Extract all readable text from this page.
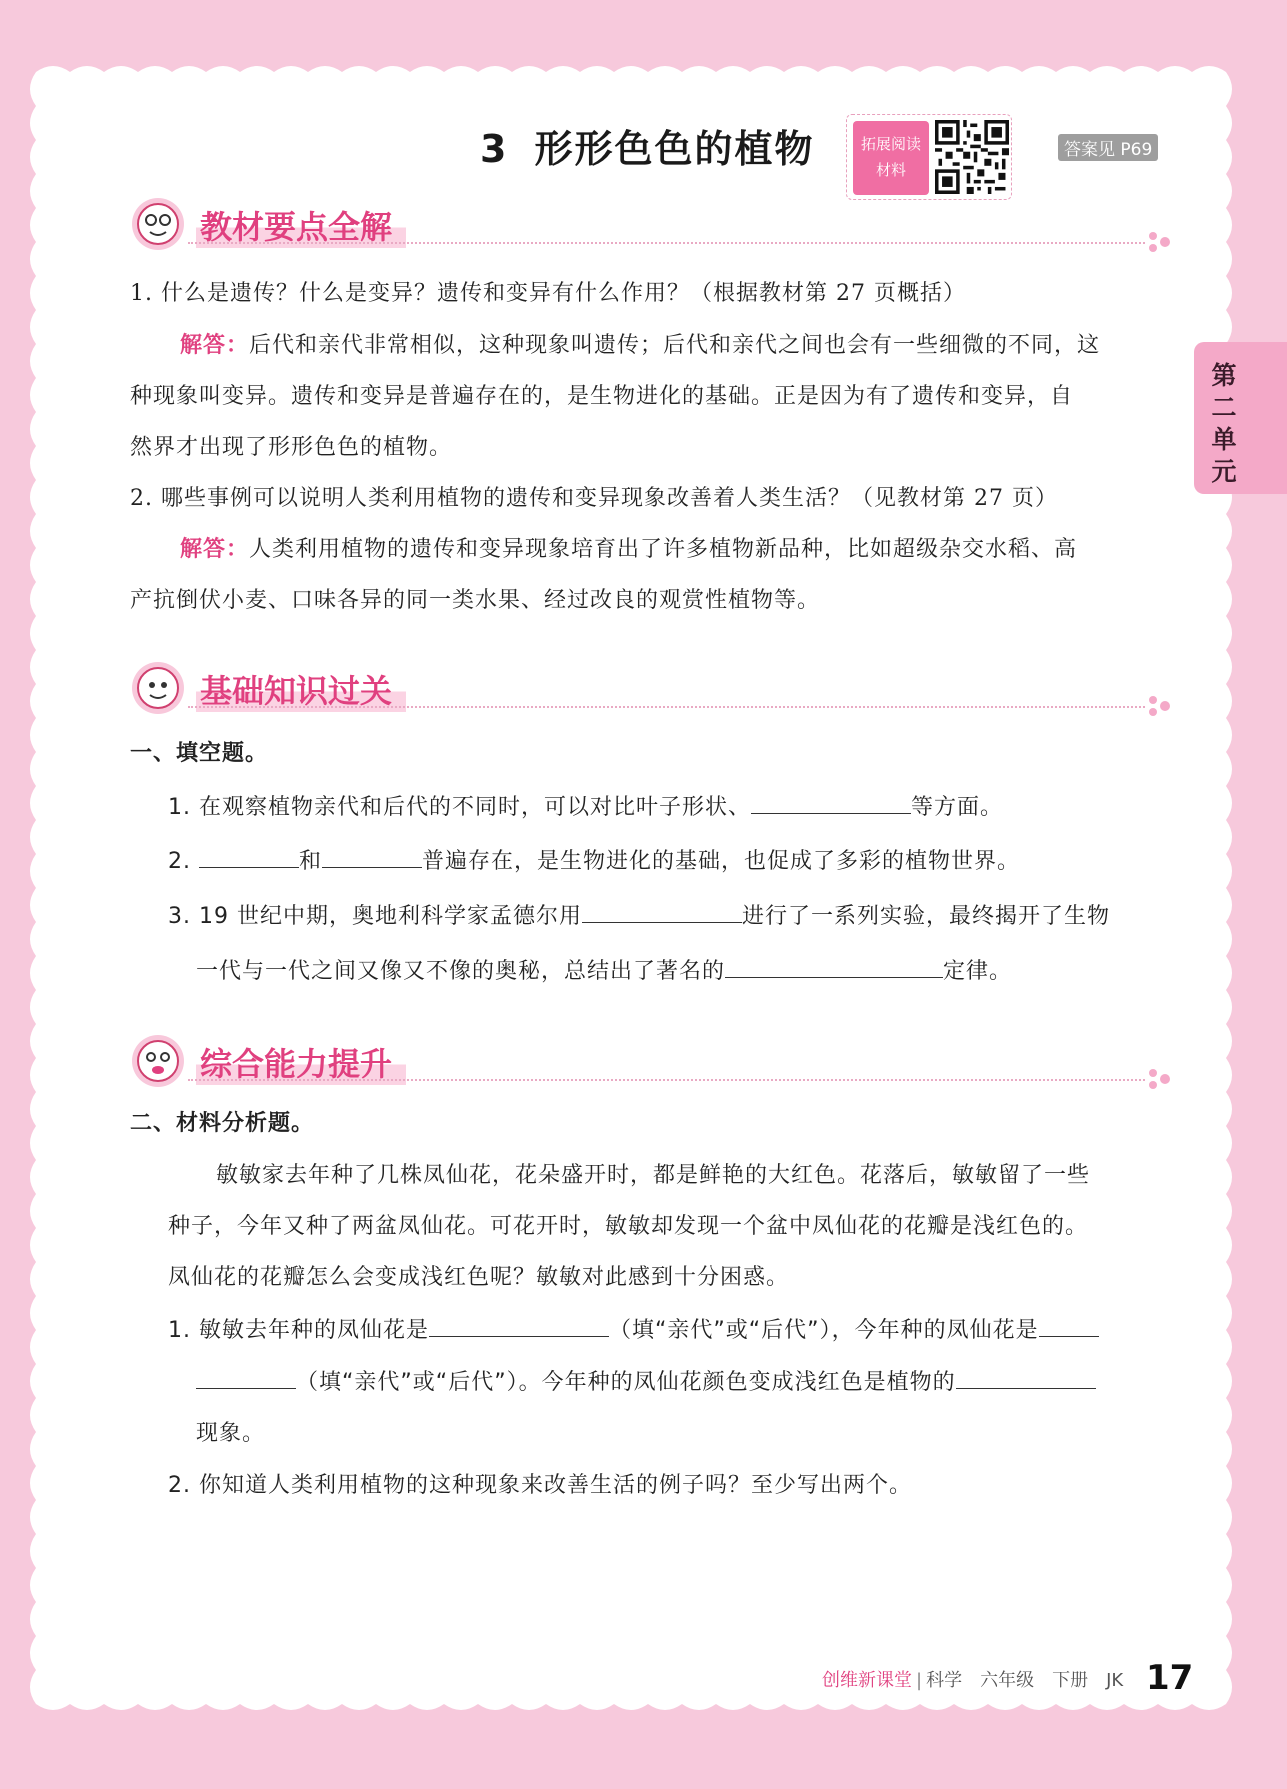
第
二
单
元
3 形形色色的植物	拓展阅读
材料
答案见 P69
教材要点全解
1. 什么是遗传？什么是变异？遗传和变异有什么作用？（根据教材第 27 页概括）
解答：后代和亲代非常相似，这种现象叫遗传；后代和亲代之间也会有一些细微的不同，这
种现象叫变异。遗传和变异是普遍存在的，是生物进化的基础。正是因为有了遗传和变异，自
然界才出现了形形色色的植物。
2. 哪些事例可以说明人类利用植物的遗传和变异现象改善着人类生活？（见教材第 27 页）
解答：人类利用植物的遗传和变异现象培育出了许多植物新品种，比如超级杂交水稻、高
产抗倒伏小麦、口味各异的同一类水果、经过改良的观赏性植物等。
基础知识过关
一、填空题。
1. 在观察植物亲代和后代的不同时，可以对比叶子形状、	等方面。
2.	和	普遍存在，是生物进化的基础，也促成了多彩的植物世界。
3. 19 世纪中期，奥地利科学家孟德尔用	进行了一系列实验，最终揭开了生物
一代与一代之间又像又不像的奥秘，总结出了著名的	定律。
综合能力提升
二、材料分析题。
敏敏家去年种了几株凤仙花，花朵盛开时，都是鲜艳的大红色。花落后，敏敏留了一些
种子，今年又种了两盆凤仙花。可花开时，敏敏却发现一个盆中凤仙花的花瓣是浅红色的。
凤仙花的花瓣怎么会变成浅红色呢？敏敏对此感到十分困惑。
1. 敏敏去年种的凤仙花是	（填“亲代”或“后代”），今年种的凤仙花是
（填“亲代”或“后代”）。今年种的凤仙花颜色变成浅红色是植物的
现象。
2. 你知道人类利用植物的这种现象来改善生活的例子吗？至少写出两个。
创维新课堂 | 科学　六年级　下册　JK 17
